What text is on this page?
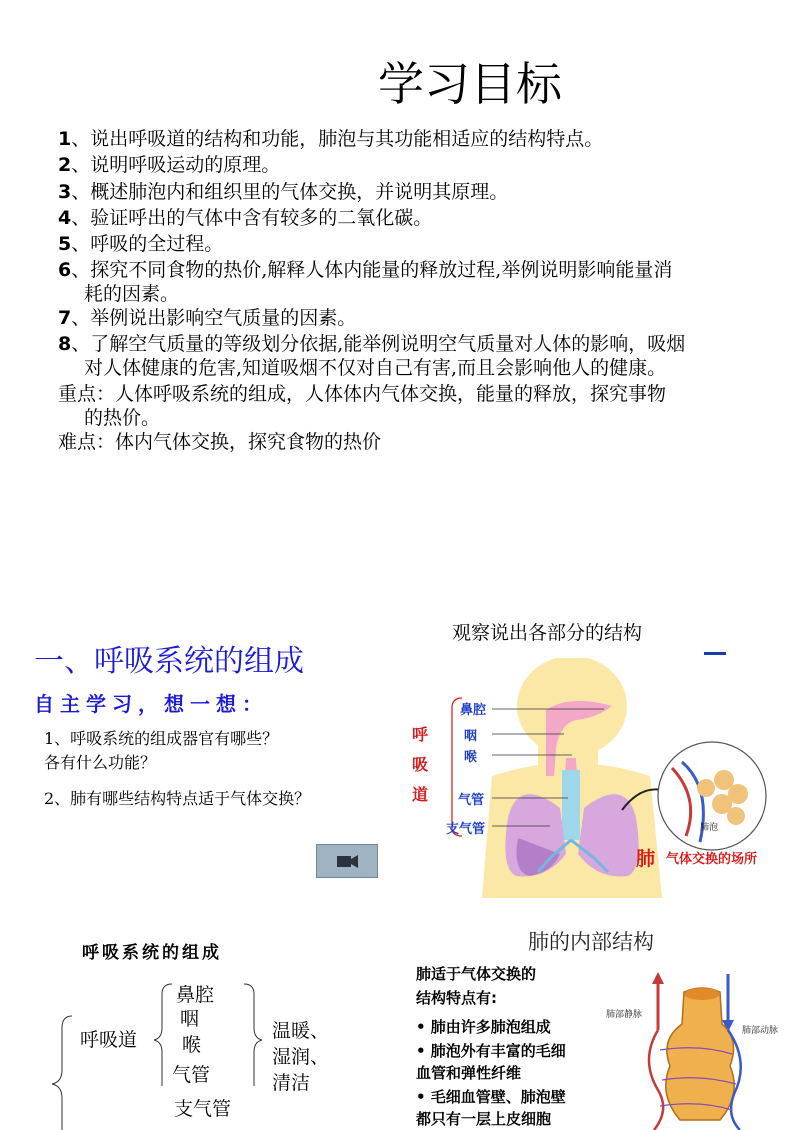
学习目标
1、说出呼吸道的结构和功能，肺泡与其功能相适应的结构特点。
2、说明呼吸运动的原理。
3、概述肺泡内和组织里的气体交换，并说明其原理。
4、验证呼出的气体中含有较多的二氧化碳。
5、呼吸的全过程。
6、探究不同食物的热价,解释人体内能量的释放过程,举例说明影响能量消
耗的因素。
7、举例说出影响空气质量的因素。
8、了解空气质量的等级划分依据,能举例说明空气质量对人体的影响，吸烟
对人体健康的危害,知道吸烟不仅对自己有害,而且会影响他人的健康。
重点：人体呼吸系统的组成，人体体内气体交换，能量的释放，探究事物
的热价。
难点：体内气体交换，探究食物的热价
一、呼吸系统的组成
自主学习，想一想：
1、呼吸系统的组成器官有哪些？
各有什么功能？
2、肺有哪些结构特点适于气体交换？
观察说出各部分的结构
鼻腔
咽
喉
气管
支气管
呼
吸
道
肺 气体交换的场所
肺泡
呼吸系统的组成
呼吸道
鼻腔
咽
喉
气管
支气管
温暖、
湿润、
清洁
肺的内部结构
肺适于气体交换的
结构特点有:
• 肺由许多肺泡组成
• 肺泡外有丰富的毛细
血管和弹性纤维
• 毛细血管壁、肺泡壁
都只有一层上皮细胞
肺部静脉
肺部动脉
